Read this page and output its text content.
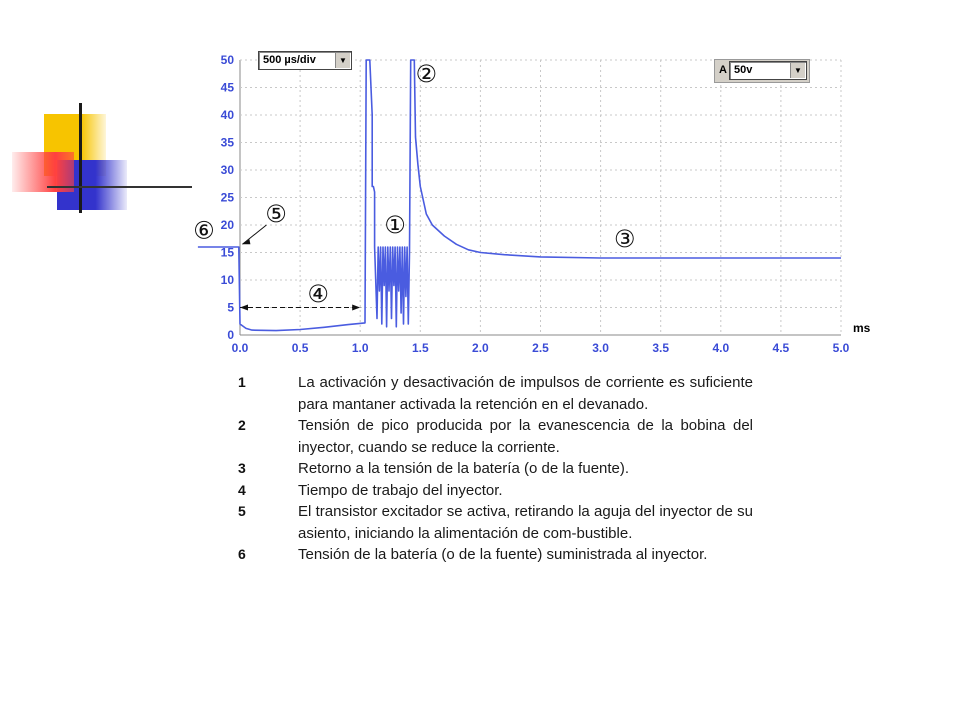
0.0	0.5	1.0	1.5	2.0	2.5	3.0	3.5	4.0	4.5	5.0
0
5
10
15
20
25
30
35
40
45
50
①
②
③
④
⑤
⑥
ms
500 µs/div	▼
A 50v	▼
1	La activación y desactivación de impulsos de corriente es suficiente para mantaner activada la retención en el devanado.
2	Tensión de pico producida por la evanescencia de la bobina del inyector, cuando se reduce la corriente.
3	Retorno a la tensión de la batería (o de la fuente).
4	Tiempo de trabajo del inyector.
5	El transistor excitador se activa, retirando la aguja del inyector de su asiento, iniciando la alimentación de com-bustible.
6	Tensión de la batería (o de la fuente) suministrada al inyector.
